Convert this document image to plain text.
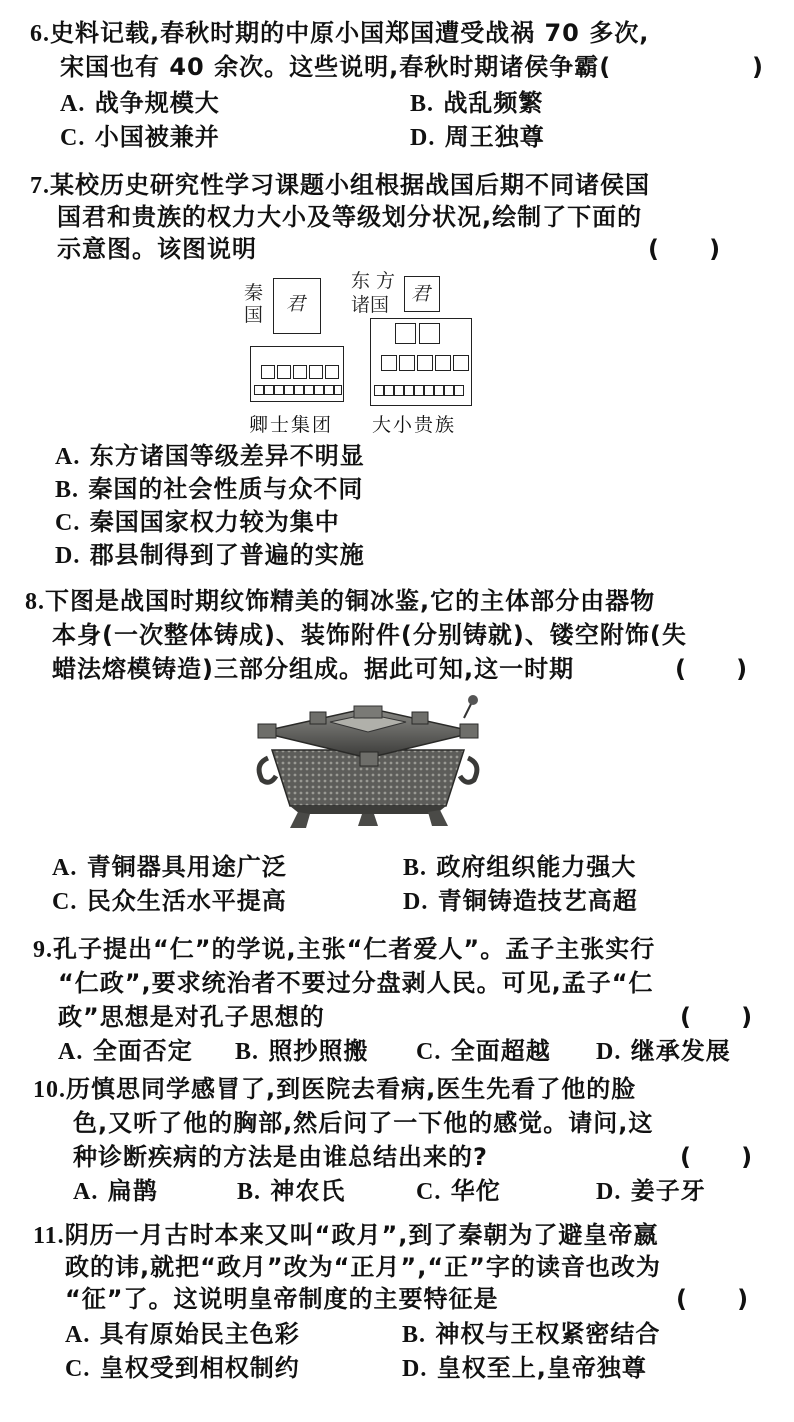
6.史料记载,春秋时期的中原小国郑国遭受战祸 70 多次,
宋国也有 40 余次。这些说明,春秋时期诸侯争霸(	)
A. 战争规模大	B. 战乱频繁
C. 小国被兼并	D. 周王独尊
7.某校历史研究性学习课题小组根据战国后期不同诸侯国
国君和贵族的权力大小及等级划分状况,绘制了下面的
示意图。该图说明	(      )
秦
国 君
东 方
诸国 君
卿士集团 大小贵族
A. 东方诸国等级差异不明显
B. 秦国的社会性质与众不同
C. 秦国国家权力较为集中
D. 郡县制得到了普遍的实施
8.下图是战国时期纹饰精美的铜冰鉴,它的主体部分由器物
本身(一次整体铸成)、装饰附件(分别铸就)、镂空附饰(失
蜡法熔模铸造)三部分组成。据此可知,这一时期	(      )
A. 青铜器具用途广泛	B. 政府组织能力强大
C. 民众生活水平提高	D. 青铜铸造技艺高超
9.孔子提出“仁”的学说,主张“仁者爱人”。孟子主张实行
“仁政”,要求统治者不要过分盘剥人民。可见,孟子“仁
政”思想是对孔子思想的	(      )
A. 全面否定 B. 照抄照搬 C. 全面超越 D. 继承发展
10.历慎思同学感冒了,到医院去看病,医生先看了他的脸
色,又听了他的胸部,然后问了一下他的感觉。请问,这
种诊断疾病的方法是由谁总结出来的?	(      )
A. 扁鹊	B. 神农氏	C. 华佗	D. 姜子牙
11.阴历一月古时本来又叫“政月”,到了秦朝为了避皇帝嬴
政的讳,就把“政月”改为“正月”,“正”字的读音也改为
“征”了。这说明皇帝制度的主要特征是	(      )
A. 具有原始民主色彩	B. 神权与王权紧密结合
C. 皇权受到相权制约	D. 皇权至上,皇帝独尊
